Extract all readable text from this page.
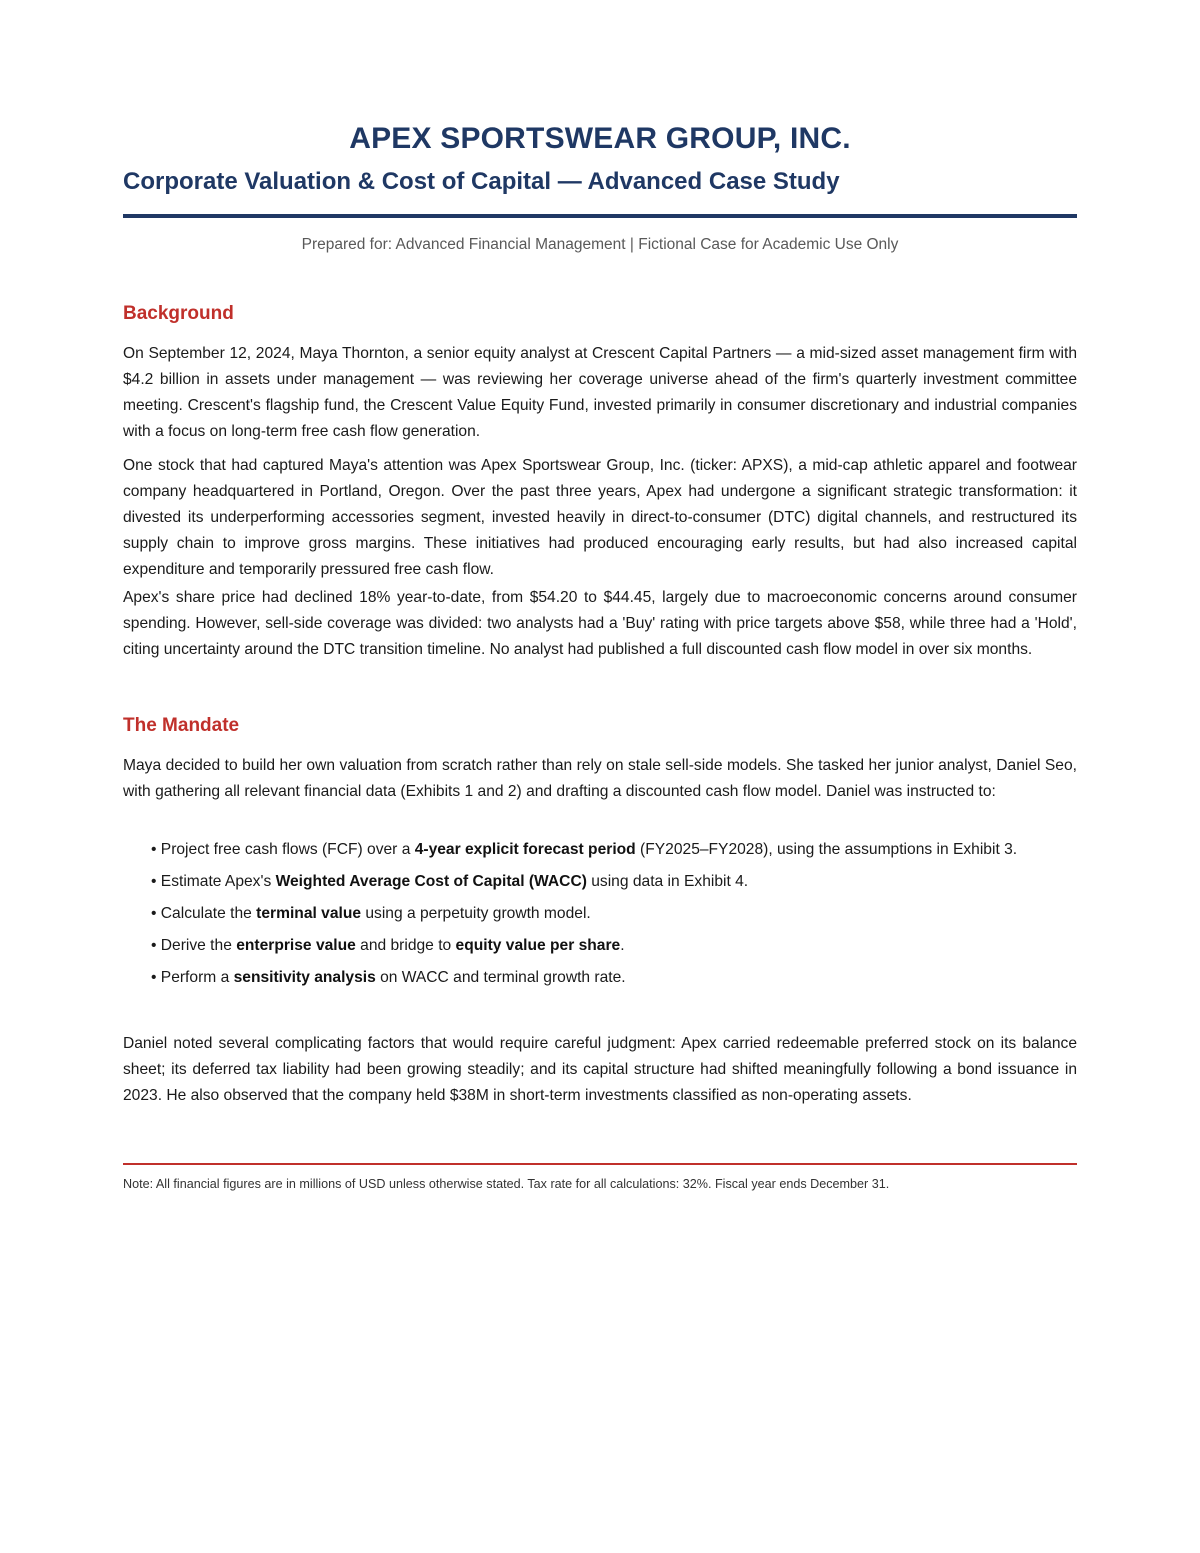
APEX SPORTSWEAR GROUP, INC.
Corporate Valuation & Cost of Capital — Advanced Case Study

Prepared for: Advanced Financial Management | Fictional Case for Academic Use Only

Background

On September 12, 2024, Maya Thornton, a senior equity analyst at Crescent Capital Partners — a mid-sized asset management firm with $4.2 billion in assets under management — was reviewing her coverage universe ahead of the firm's quarterly investment committee meeting. Crescent's flagship fund, the Crescent Value Equity Fund, invested primarily in consumer discretionary and industrial companies with a focus on long-term free cash flow generation.

One stock that had captured Maya's attention was Apex Sportswear Group, Inc. (ticker: APXS), a mid-cap athletic apparel and footwear company headquartered in Portland, Oregon. Over the past three years, Apex had undergone a significant strategic transformation: it divested its underperforming accessories segment, invested heavily in direct-to-consumer (DTC) digital channels, and restructured its supply chain to improve gross margins. These initiatives had produced encouraging early results, but had also increased capital expenditure and temporarily pressured free cash flow.

Apex's share price had declined 18% year-to-date, from $54.20 to $44.45, largely due to macroeconomic concerns around consumer spending. However, sell-side coverage was divided: two analysts had a 'Buy' rating with price targets above $58, while three had a 'Hold', citing uncertainty around the DTC transition timeline. No analyst had published a full discounted cash flow model in over six months.

The Mandate

Maya decided to build her own valuation from scratch rather than rely on stale sell-side models. She tasked her junior analyst, Daniel Seo, with gathering all relevant financial data (Exhibits 1 and 2) and drafting a discounted cash flow model. Daniel was instructed to:

• Project free cash flows (FCF) over a 4-year explicit forecast period (FY2025–FY2028), using the assumptions in Exhibit 3.
• Estimate Apex's Weighted Average Cost of Capital (WACC) using data in Exhibit 4.
• Calculate the terminal value using a perpetuity growth model.
• Derive the enterprise value and bridge to equity value per share.
• Perform a sensitivity analysis on WACC and terminal growth rate.

Daniel noted several complicating factors that would require careful judgment: Apex carried redeemable preferred stock on its balance sheet; its deferred tax liability had been growing steadily; and its capital structure had shifted meaningfully following a bond issuance in 2023. He also observed that the company held $38M in short-term investments classified as non-operating assets.

Note: All financial figures are in millions of USD unless otherwise stated. Tax rate for all calculations: 32%. Fiscal year ends December 31.
